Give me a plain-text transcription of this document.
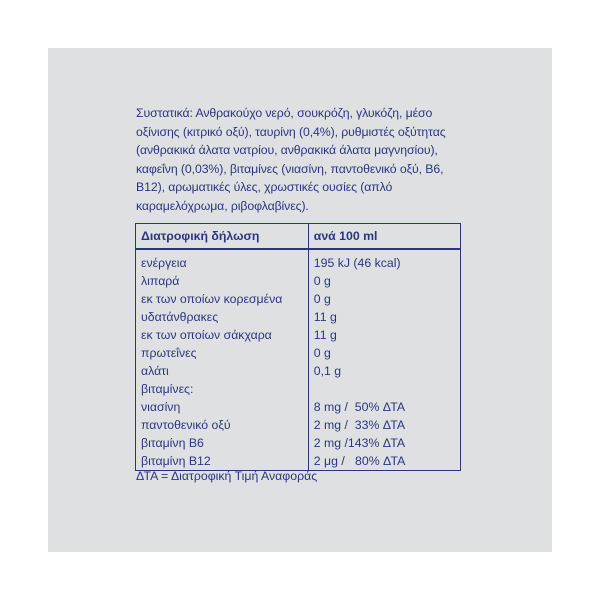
Συστατικά: Ανθρακούχο νερό, σουκρόζη, γλυκόζη, μέσο οξίνισης (κιτρικό οξύ), ταυρίνη (0,4%), ρυθμιστές οξύτητας (ανθρακικά άλατα νατρίου, ανθρακικά άλατα μαγνησίου), καφεΐνη (0,03%), βιταμίνες (νιασίνη, παντοθενικό οξύ, Β6, Β12), αρωματικές ύλες, χρωστικές ουσίες (απλό καραμελόχρωμα, ριβοφλαβίνες).

Διατροφική δήλωση	ανά 100 ml
ενέργεια	195 kJ (46 kcal)
λιπαρά	0 g
εκ των οποίων κορεσμένα	0 g
υδατάνθρακες	11 g
εκ των οποίων σάκχαρα	11 g
πρωτεΐνες	0 g
αλάτι	0,1 g
βιταμίνες:	
νιασίνη	8 mg /  50% ΔΤΑ
παντοθενικό οξύ	2 mg /  33% ΔΤΑ
βιταμίνη Β6	2 mg /143% ΔΤΑ
βιταμίνη Β12	2 μg /   80% ΔΤΑ

ΔΤΑ = Διατροφική Τιμή Αναφοράς
